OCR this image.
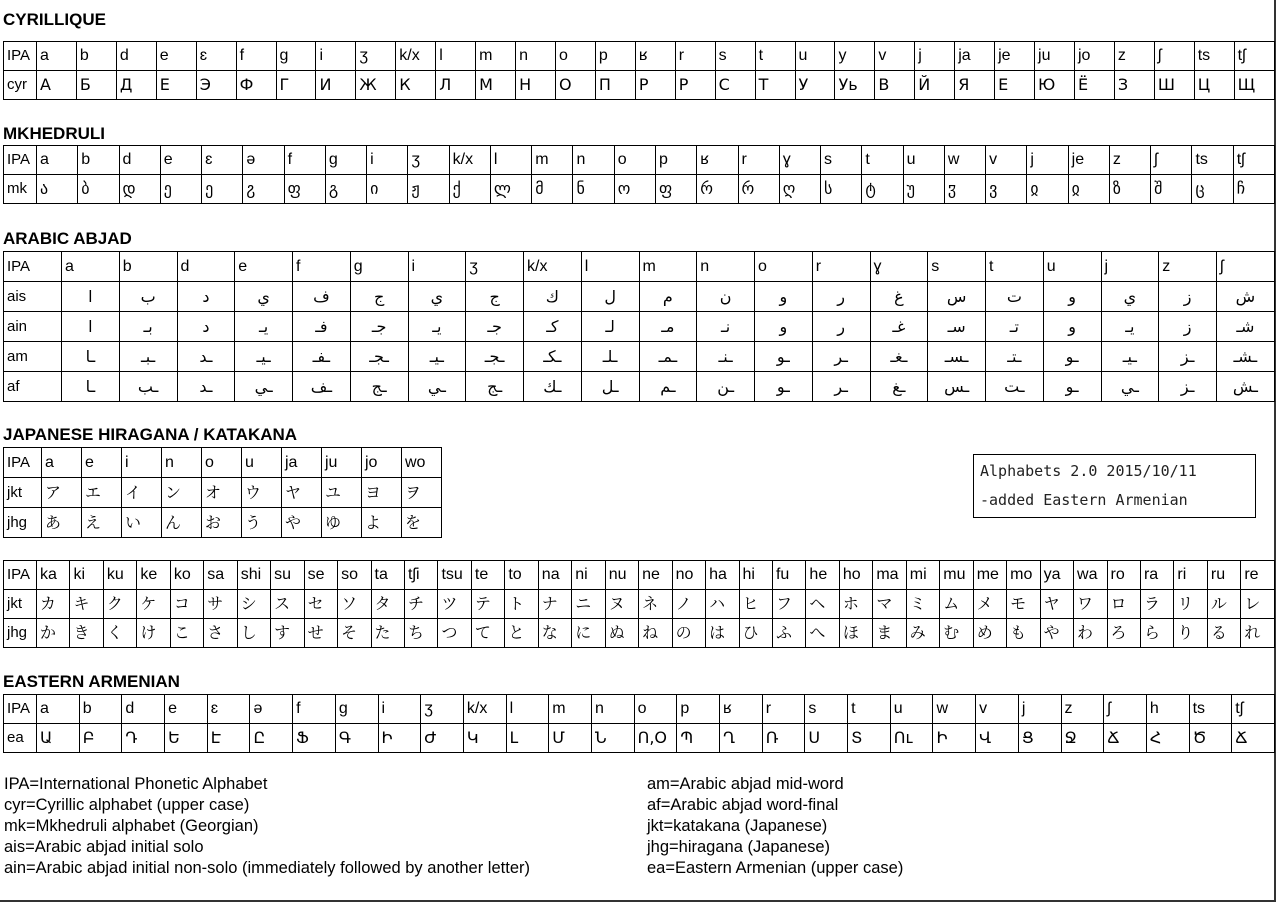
CYRILLIQUE
IPA	a	b	d	e	ɛ	f	g	i	ʒ	k/x	l	m	n	o	p	ʁ	r	s	t	u	y	v	j	ja	je	ju	jo	z	ʃ	ts	tʃ
cyr	А	Б	Д	Е	Э	Ф	Г	И	Ж	К	Л	М	Н	О	П	Р	Р	С	Т	У	Уь	В	Й	Я	Е	Ю	Ё	З	Ш	Ц	Щ
MKHEDRULI
IPA	a	b	d	e	ɛ	ə	f	g	i	ʒ	k/x	l	m	n	o	p	ʁ	r	ɣ	s	t	u	w	v	j	je	z	ʃ	ts	tʃ
mk	ა	ბ	დ	ე	ე	ჷ	ფ	გ	ი	ჟ	ქ	ლ	მ	ნ	ო	ფ	რ	რ	ღ	ს	ტ	უ	ჳ	ვ	ჲ	ჲ	ზ	შ	ც	ჩ
ARABIC ABJAD
IPA	a	b	d	e	f	g	i	ʒ	k/x	l	m	n	o	r	ɣ	s	t	u	j	z	ʃ
ais	ا	ب	د	ي	ف	ج	ي	ج	ك	ل	م	ن	و	ر	غ	س	ت	و	ي	ز	ش
ain	ا	بـ	د	يـ	فـ	جـ	يـ	جـ	كـ	لـ	مـ	نـ	و	ر	غـ	سـ	تـ	و	يـ	ز	شـ
am	ـا	ـبـ	ـد	ـيـ	ـفـ	ـجـ	ـيـ	ـجـ	ـكـ	ـلـ	ـمـ	ـنـ	ـو	ـر	ـغـ	ـسـ	ـتـ	ـو	ـيـ	ـز	ـشـ
af	ـا	ـب	ـد	ـي	ـف	ـج	ـي	ـج	ـك	ـل	ـم	ـن	ـو	ـر	ـغ	ـس	ـت	ـو	ـي	ـز	ـش
JAPANESE HIRAGANA / KATAKANA
IPA	a	e	i	n	o	u	ja	ju	jo	wo
jkt	ア	エ	イ	ン	オ	ウ	ヤ	ユ	ヨ	ヲ
jhg	あ	え	い	ん	お	う	や	ゆ	よ	を
IPA	ka	ki	ku	ke	ko	sa	shi	su	se	so	ta	tʃi	tsu	te	to	na	ni	nu	ne	no	ha	hi	fu	he	ho	ma	mi	mu	me	mo	ya	wa	ro	ra	ri	ru	re
jkt	カ	キ	ク	ケ	コ	サ	シ	ス	セ	ソ	タ	チ	ツ	テ	ト	ナ	ニ	ヌ	ネ	ノ	ハ	ヒ	フ	ヘ	ホ	マ	ミ	ム	メ	モ	ヤ	ワ	ロ	ラ	リ	ル	レ
jhg	か	き	く	け	こ	さ	し	す	せ	そ	た	ち	つ	て	と	な	に	ぬ	ね	の	は	ひ	ふ	へ	ほ	ま	み	む	め	も	や	わ	ろ	ら	り	る	れ
EASTERN ARMENIAN
IPA	a	b	d	e	ɛ	ə	f	g	i	ʒ	k/x	l	m	n	o	p	ʁ	r	s	t	u	w	v	j	z	ʃ	h	ts	tʃ
ea	Ա	Բ	Դ	Ե	Է	Ը	Ֆ	Գ	Ի	Ժ	Կ	Լ	Մ	Ն	Ո,Օ	Պ	Ղ	Ռ	Ս	Տ	Ու	Ի	Վ	Ց	Ջ	Ճ	Հ	Ծ	Ճ
Alphabets 2.0 2015/10/11
-added Eastern Armenian
IPA=International Phonetic Alphabet
cyr=Cyrillic alphabet (upper case)
mk=Mkhedruli alphabet (Georgian)
ais=Arabic abjad initial solo
ain=Arabic abjad initial non-solo (immediately followed by another letter)
am=Arabic abjad mid-word
af=Arabic abjad word-final
jkt=katakana (Japanese)
jhg=hiragana (Japanese)
ea=Eastern Armenian (upper case)
